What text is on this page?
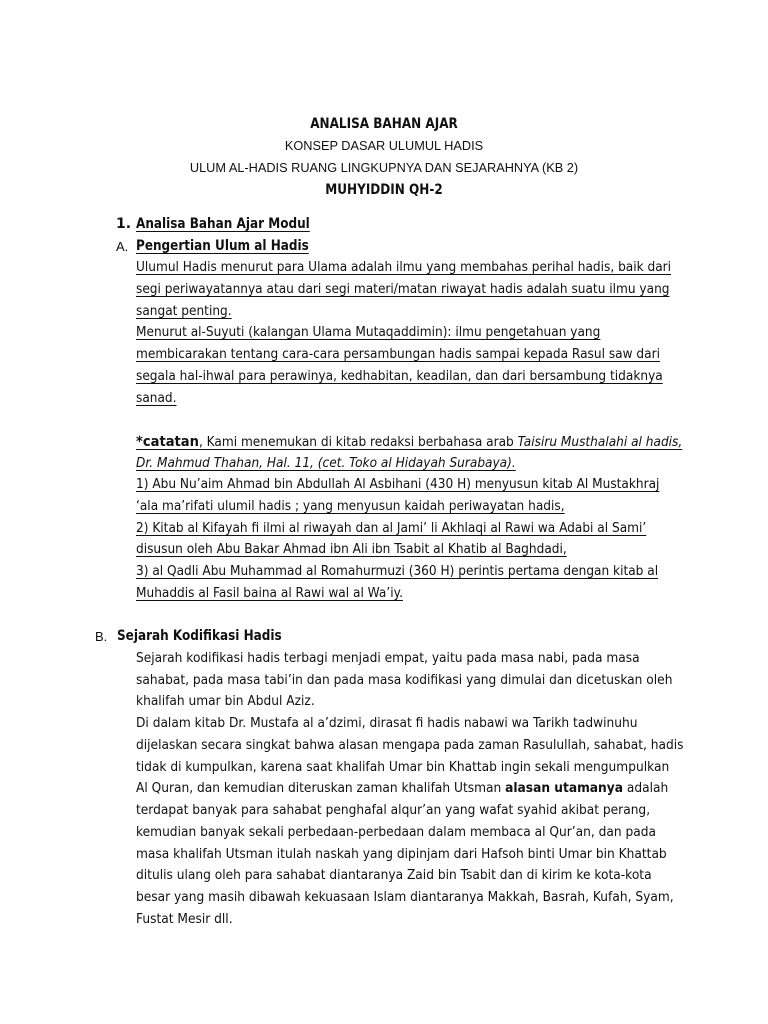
ANALISA BAHAN AJAR
KONSEP DASAR ULUMUL HADIS
ULUM AL-HADIS RUANG LINGKUPNYA DAN SEJARAHNYA (KB 2)
MUHYIDDIN QH-2
1. Analisa Bahan Ajar Modul
A. Pengertian Ulum al Hadis
Ulumul Hadis menurut para Ulama adalah ilmu yang membahas perihal hadis, baik dari
segi periwayatannya atau dari segi materi/matan riwayat hadis adalah suatu ilmu yang
sangat penting.
Menurut al-Suyuti (kalangan Ulama Mutaqaddimin): ilmu pengetahuan yang
membicarakan tentang cara-cara persambungan hadis sampai kepada Rasul saw dari
segala hal-ihwal para perawinya, kedhabitan, keadilan, dan dari bersambung tidaknya
sanad.
*catatan, Kami menemukan di kitab redaksi berbahasa arab Taisiru Musthalahi al hadis,
Dr. Mahmud Thahan, Hal. 11, (cet. Toko al Hidayah Surabaya).
1) Abu Nu’aim Ahmad bin Abdullah Al Asbihani (430 H) menyusun kitab Al Mustakhraj
‘ala ma’rifati ulumil hadis ; yang menyusun kaidah periwayatan hadis,
2) Kitab al Kifayah fi ilmi al riwayah dan al Jami’ li Akhlaqi al Rawi wa Adabi al Sami’
disusun oleh Abu Bakar Ahmad ibn Ali ibn Tsabit al Khatib al Baghdadi,
3) al Qadli Abu Muhammad al Romahurmuzi (360 H) perintis pertama dengan kitab al
Muhaddis al Fasil baina al Rawi wal al Wa’iy.
B. Sejarah Kodifikasi Hadis
Sejarah kodifikasi hadis terbagi menjadi empat, yaitu pada masa nabi, pada masa
sahabat, pada masa tabi’in dan pada masa kodifikasi yang dimulai dan dicetuskan oleh
khalifah umar bin Abdul Aziz.
Di dalam kitab Dr. Mustafa al a’dzimi, dirasat fi hadis nabawi wa Tarikh tadwinuhu
dijelaskan secara singkat bahwa alasan mengapa pada zaman Rasulullah, sahabat, hadis
tidak di kumpulkan, karena saat khalifah Umar bin Khattab ingin sekali mengumpulkan
Al Quran, dan kemudian diteruskan zaman khalifah Utsman alasan utamanya adalah
terdapat banyak para sahabat penghafal alqur’an yang wafat syahid akibat perang,
kemudian banyak sekali perbedaan-perbedaan dalam membaca al Qur’an, dan pada
masa khalifah Utsman itulah naskah yang dipinjam dari Hafsoh binti Umar bin Khattab
ditulis ulang oleh para sahabat diantaranya Zaid bin Tsabit dan di kirim ke kota-kota
besar yang masih dibawah kekuasaan Islam diantaranya Makkah, Basrah, Kufah, Syam,
Fustat Mesir dll.
